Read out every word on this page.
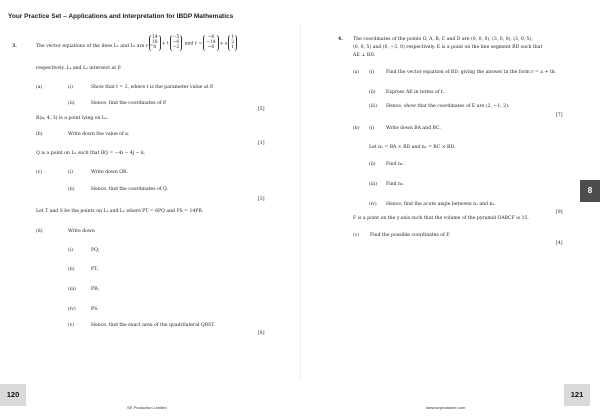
Your Practice Set – Applications and Interpretation for IBDP Mathematics
3.	The vector equations of the lines L₁ and L₂ are r =
14
18
8+ t−5
−6
−2 and r =−6
−14
−6+ s1
2
1
respectively. L₁ and L₂ intersect at P.
(a)	(i)	Show that t = 2, where t is the parameter value at P.
(ii)	Hence, find the coordinates of P.
[5]
R(a, 4, 3) is a point lying on L₁.
(b)	Write down the value of a.
[1]
Q is a point on L₂ such that RQ = −4i − 4j − k.
(c)	(i)	Write down OR.
(ii)	Hence, find the coordinates of Q.
[3]
Let T and S be the points on L₁ and L₂ where PT = 6PQ and PS = 14PR.
(d)	Write down
(i)	PQ;
(ii)	PT;
(iii)	PR;
(iv)	PS.
(v)	Hence, find the exact area of the quadrilateral QRST.
[8]
4. The coordinates of the points O, A, B, C and D are (0, 0, 0), (3, 0, 0), (3, 0, 5),
(0, 0, 5) and (0, −3, 0) respectively. E is a point on the line segment BD such that
AE ⊥ BD.
(a) (i)	Find the vector equation of BD, giving the answer in the form r = a + tb.
(ii) Express AE in terms of t.
(iii) Hence, show that the coordinates of E are (2, −1, 2).
[7]
(b) (i)	Write down BA and BC.
Let n₁ = BA × BD and n₂ = BC × BD.
(ii) Find n₁.
(iii) Find n₂.
(iv) Hence, find the acute angle between n₁ and n₂.
[9]
F is a point on the y-axis such that the volume of the pyramid OABCF is 15.
(c) Find the possible coordinates of F.
[4]
8
120	121
SE Production Limited	www.seprodstore.com
